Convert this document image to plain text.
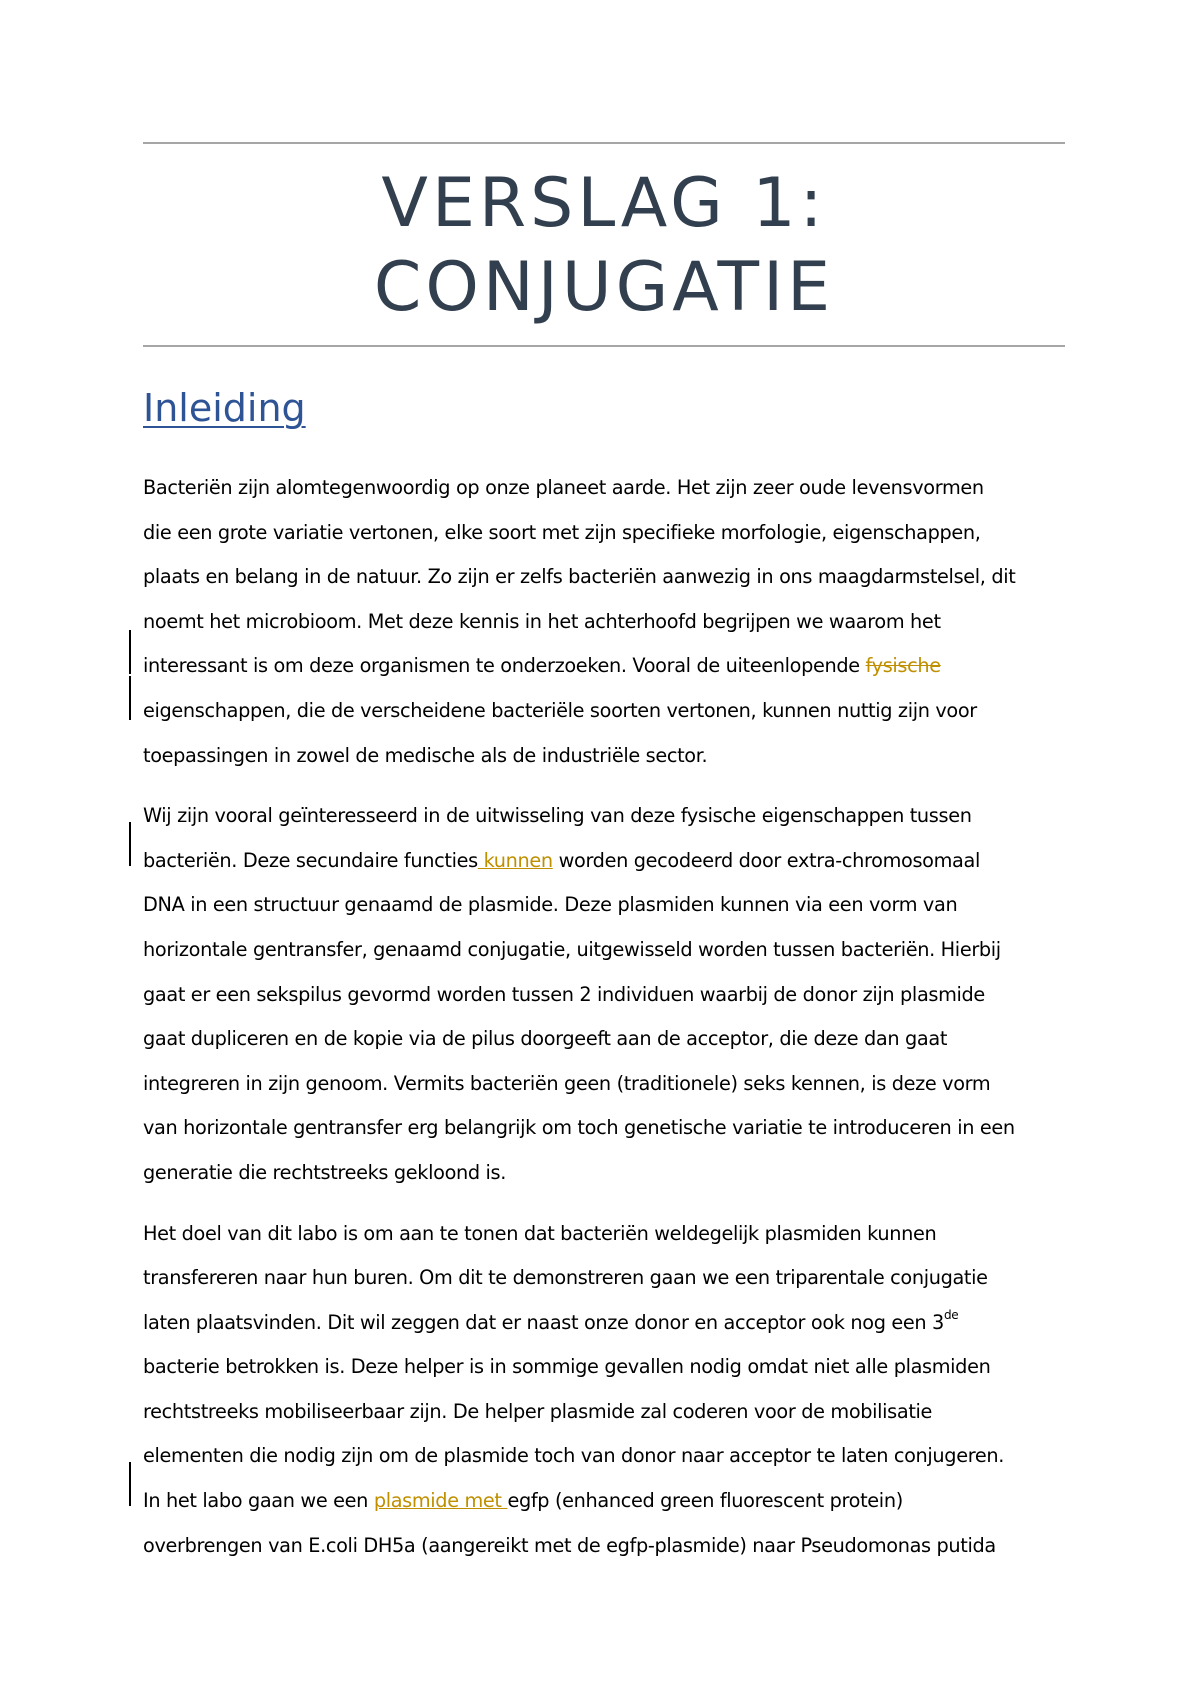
VERSLAG 1:
CONJUGATIE
Inleiding

Bacteriën zijn alomtegenwoordig op onze planeet aarde. Het zijn zeer oude levensvormen
die een grote variatie vertonen, elke soort met zijn specifieke morfologie, eigenschappen,
plaats en belang in de natuur. Zo zijn er zelfs bacteriën aanwezig in ons maagdarmstelsel, dit
noemt het microbioom. Met deze kennis in het achterhoofd begrijpen we waarom het
interessant is om deze organismen te onderzoeken. Vooral de uiteenlopende fysische
eigenschappen, die de verscheidene bacteriële soorten vertonen, kunnen nuttig zijn voor
toepassingen in zowel de medische als de industriële sector.

Wij zijn vooral geïnteresseerd in de uitwisseling van deze fysische eigenschappen tussen
bacteriën. Deze secundaire functies kunnen worden gecodeerd door extra-chromosomaal
DNA in een structuur genaamd de plasmide. Deze plasmiden kunnen via een vorm van
horizontale gentransfer, genaamd conjugatie, uitgewisseld worden tussen bacteriën. Hierbij
gaat er een sekspilus gevormd worden tussen 2 individuen waarbij de donor zijn plasmide
gaat dupliceren en de kopie via de pilus doorgeeft aan de acceptor, die deze dan gaat
integreren in zijn genoom. Vermits bacteriën geen (traditionele) seks kennen, is deze vorm
van horizontale gentransfer erg belangrijk om toch genetische variatie te introduceren in een
generatie die rechtstreeks gekloond is.

Het doel van dit labo is om aan te tonen dat bacteriën weldegelijk plasmiden kunnen
transfereren naar hun buren. Om dit te demonstreren gaan we een triparentale conjugatie
laten plaatsvinden. Dit wil zeggen dat er naast onze donor en acceptor ook nog een 3de
bacterie betrokken is. Deze helper is in sommige gevallen nodig omdat niet alle plasmiden
rechtstreeks mobiliseerbaar zijn. De helper plasmide zal coderen voor de mobilisatie
elementen die nodig zijn om de plasmide toch van donor naar acceptor te laten conjugeren.
In het labo gaan we een plasmide met egfp (enhanced green fluorescent protein)
overbrengen van E.coli DH5a (aangereikt met de egfp-plasmide) naar Pseudomonas putida
